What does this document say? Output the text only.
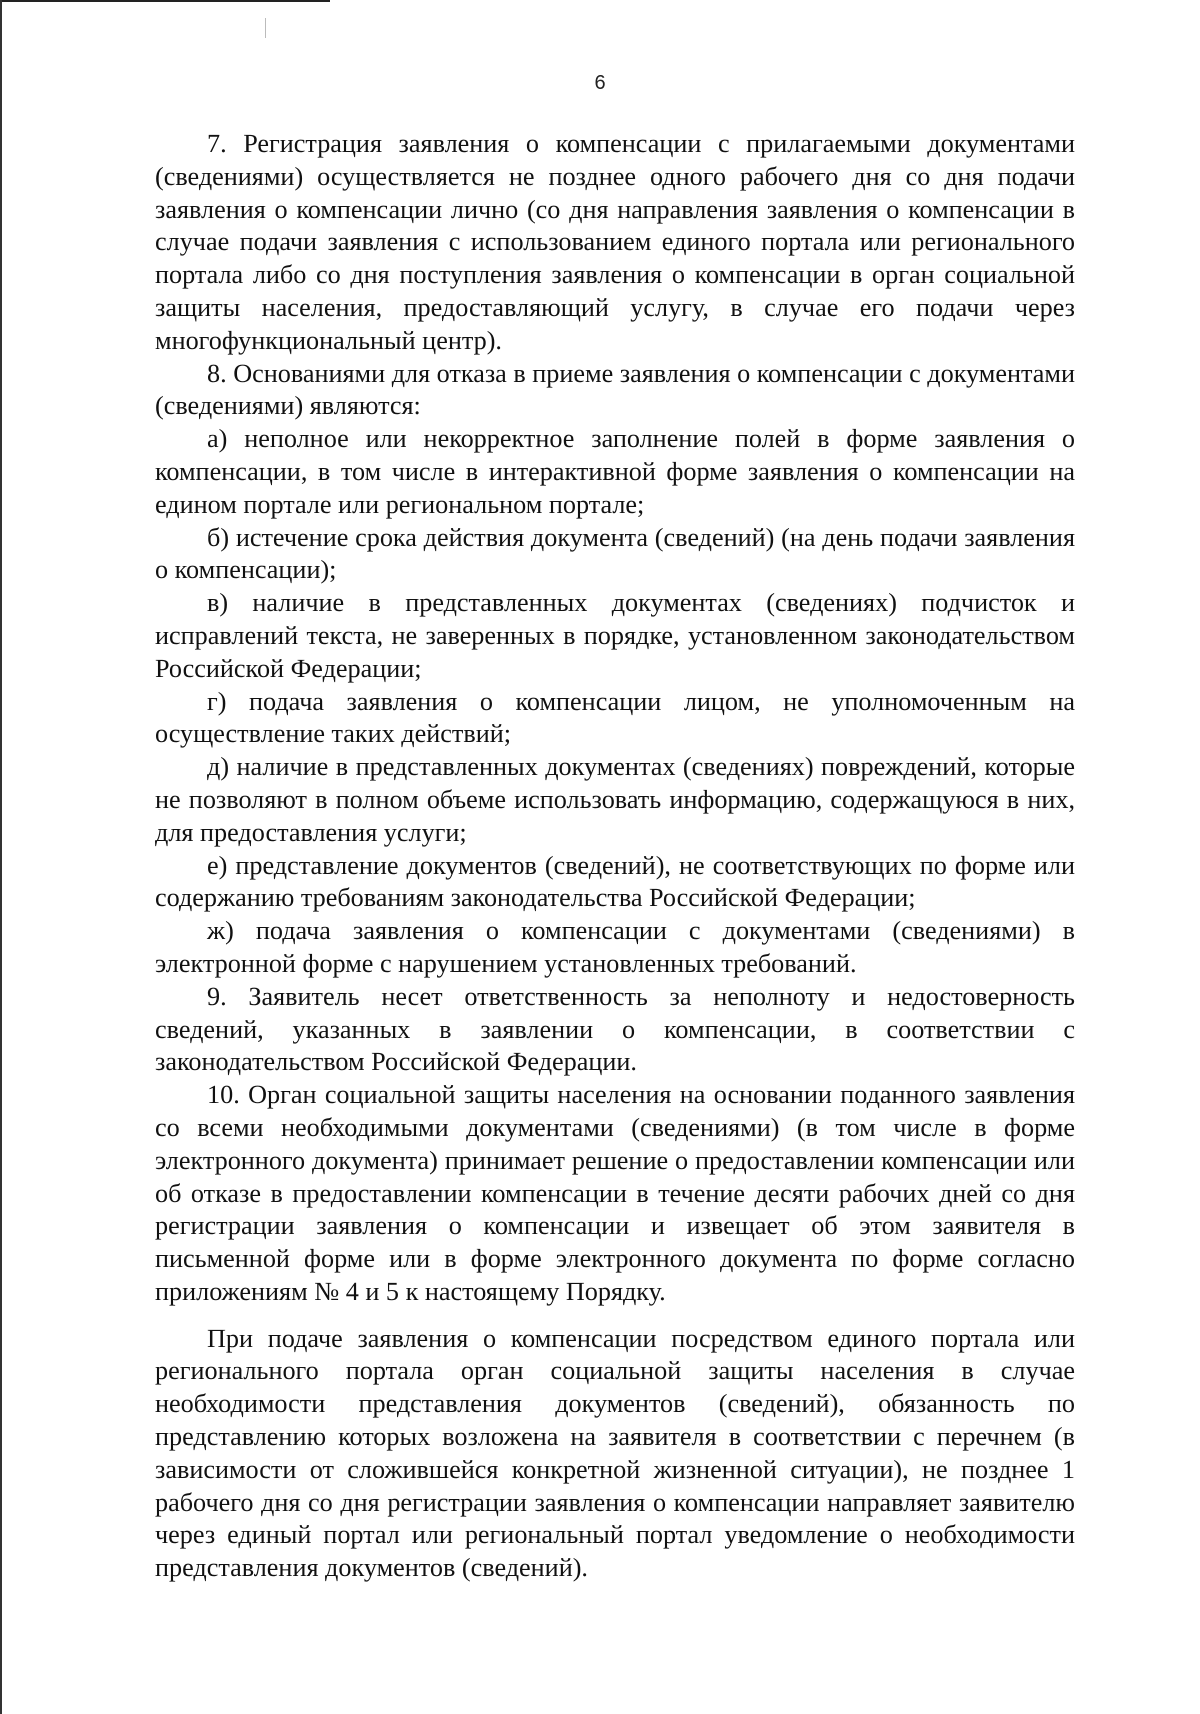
6

7. Регистрация заявления о компенсации с прилагаемыми документами (сведениями) осуществляется не позднее одного рабочего дня со дня подачи заявления о компенсации лично (со дня направления заявления о компенсации в случае подачи заявления с использованием единого портала или регионального портала либо со дня поступления заявления о компенсации в орган социальной защиты населения, предоставляющий услугу, в случае его подачи через многофункциональный центр).

8. Основаниями для отказа в приеме заявления о компенсации с документами (сведениями) являются:

а) неполное или некорректное заполнение полей в форме заявления о компенсации, в том числе в интерактивной форме заявления о компенсации на едином портале или региональном портале;

б) истечение срока действия документа (сведений) (на день подачи заявления о компенсации);

в) наличие в представленных документах (сведениях) подчисток и исправлений текста, не заверенных в порядке, установленном законодательством Российской Федерации;

г) подача заявления о компенсации лицом, не уполномоченным на осуществление таких действий;

д) наличие в представленных документах (сведениях) повреждений, которые не позволяют в полном объеме использовать информацию, содержащуюся в них, для предоставления услуги;

е) представление документов (сведений), не соответствующих по форме или содержанию требованиям законодательства Российской Федерации;

ж) подача заявления о компенсации с документами (сведениями) в электронной форме с нарушением установленных требований.

9. Заявитель несет ответственность за неполноту и недостоверность сведений, указанных в заявлении о компенсации, в соответствии с законодательством Российской Федерации.

10. Орган социальной защиты населения на основании поданного заявления со всеми необходимыми документами (сведениями) (в том числе в форме электронного документа) принимает решение о предоставлении компенсации или об отказе в предоставлении компенсации в течение десяти рабочих дней со дня регистрации заявления о компенсации и извещает об этом заявителя в письменной форме или в форме электронного документа по форме согласно приложениям № 4 и 5 к настоящему Порядку.

При подаче заявления о компенсации посредством единого портала или регионального портала орган социальной защиты населения в случае необходимости представления документов (сведений), обязанность по представлению которых возложена на заявителя в соответствии с перечнем (в зависимости от сложившейся конкретной жизненной ситуации), не позднее 1 рабочего дня со дня регистрации заявления о компенсации направляет заявителю через единый портал или региональный портал уведомление о необходимости представления документов (сведений).
